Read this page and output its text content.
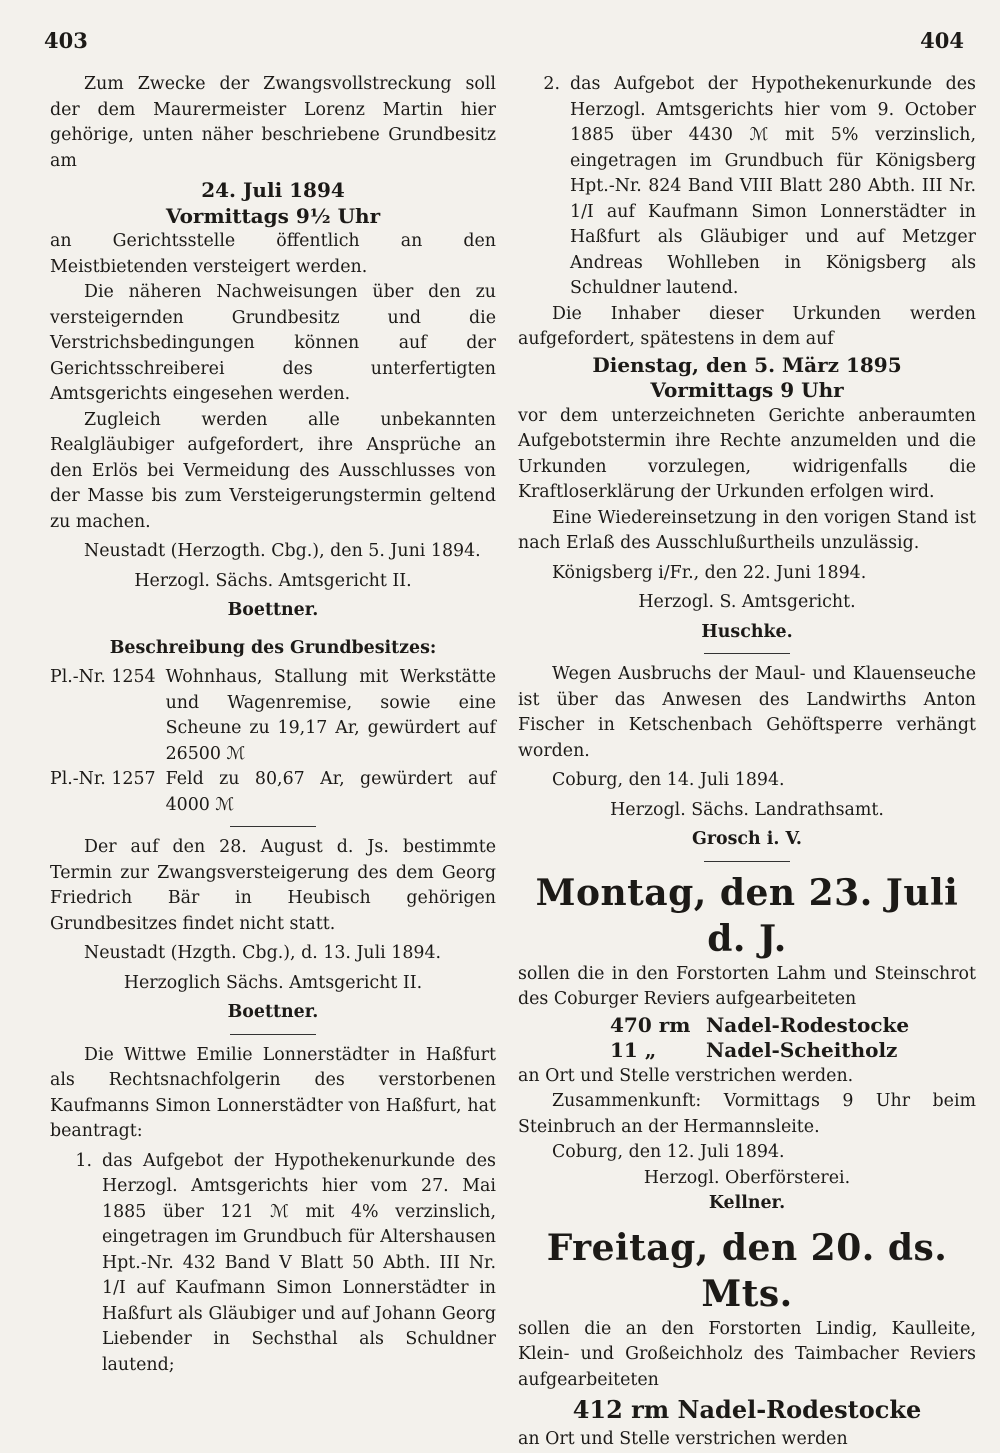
403	404

Zum Zwecke der Zwangsvollstreckung soll der dem Maurermeister Lorenz Martin hier gehörige, unten näher beschriebene Grundbesitz am

24. Juli 1894

Vormittags 9½ Uhr

an Gerichtsstelle öffentlich an den Meistbietenden versteigert werden.

Die näheren Nachweisungen über den zu versteigernden Grundbesitz und die Verstrichsbedingungen können auf der Gerichtsschreiberei des unterfertigten Amtsgerichts eingesehen werden.

Zugleich werden alle unbekannten Realgläubiger aufgefordert, ihre Ansprüche an den Erlös bei Vermeidung des Ausschlusses von der Masse bis zum Versteigerungstermin geltend zu machen.

Neustadt (Herzogth. Cbg.), den 5. Juni 1894.

Herzogl. Sächs. Amtsgericht II.

Boettner.

Beschreibung des Grundbesitzes:

Pl.-Nr. 1254 Wohnhaus, Stallung mit Werkstätte und Wagenremise, sowie eine Scheune zu 19,17 Ar, gewürdert auf 26500 ℳ
Pl.-Nr. 1257 Feld zu 80,67 Ar, gewürdert auf 4000 ℳ

Der auf den 28. August d. Js. bestimmte Termin zur Zwangsversteigerung des dem Georg Friedrich Bär in Heubisch gehörigen Grundbesitzes findet nicht statt.

Neustadt (Hzgth. Cbg.), d. 13. Juli 1894.

Herzoglich Sächs. Amtsgericht II.

Boettner.

Die Wittwe Emilie Lonnerstädter in Haßfurt als Rechtsnachfolgerin des verstorbenen Kaufmanns Simon Lonnerstädter von Haßfurt, hat beantragt:

1. das Aufgebot der Hypothekenurkunde des Herzogl. Amtsgerichts hier vom 27. Mai 1885 über 121 ℳ mit 4% verzinslich, eingetragen im Grundbuch für Altershausen Hpt.-Nr. 432 Band V Blatt 50 Abth. III Nr. 1/I auf Kaufmann Simon Lonnerstädter in Haßfurt als Gläubiger und auf Johann Georg Liebender in Sechsthal als Schuldner lautend;
2. das Aufgebot der Hypothekenurkunde des Herzogl. Amtsgerichts hier vom 9. October 1885 über 4430 ℳ mit 5% verzinslich, eingetragen im Grundbuch für Königsberg Hpt.-Nr. 824 Band VIII Blatt 280 Abth. III Nr. 1/I auf Kaufmann Simon Lonnerstädter in Haßfurt als Gläubiger und auf Metzger Andreas Wohlleben in Königsberg als Schuldner lautend.

Die Inhaber dieser Urkunden werden aufgefordert, spätestens in dem auf

Dienstag, den 5. März 1895

Vormittags 9 Uhr

vor dem unterzeichneten Gerichte anberaumten Aufgebotstermin ihre Rechte anzumelden und die Urkunden vorzulegen, widrigenfalls die Kraftloserklärung der Urkunden erfolgen wird.

Eine Wiedereinsetzung in den vorigen Stand ist nach Erlaß des Ausschlußurtheils unzulässig.

Königsberg i/Fr., den 22. Juni 1894.

Herzogl. S. Amtsgericht.

Huschke.

Wegen Ausbruchs der Maul- und Klauenseuche ist über das Anwesen des Landwirths Anton Fischer in Ketschenbach Gehöftsperre verhängt worden.

Coburg, den 14. Juli 1894.

Herzogl. Sächs. Landrathsamt.

Grosch i. V.

Montag, den 23. Juli d. J.

sollen die in den Forstorten Lahm und Steinschrot des Coburger Reviers aufgearbeiteten

470 rm Nadel-Rodestocke
11 „	Nadel-Scheitholz

an Ort und Stelle verstrichen werden.

Zusammenkunft: Vormittags 9 Uhr beim Steinbruch an der Hermannsleite.

Coburg, den 12. Juli 1894.

Herzogl. Oberförsterei.

Kellner.

Freitag, den 20. ds. Mts.

sollen die an den Forstorten Lindig, Kaulleite, Klein- und Großeichholz des Taimbacher Reviers aufgearbeiteten

412 rm Nadel-Rodestocke

an Ort und Stelle verstrichen werden
